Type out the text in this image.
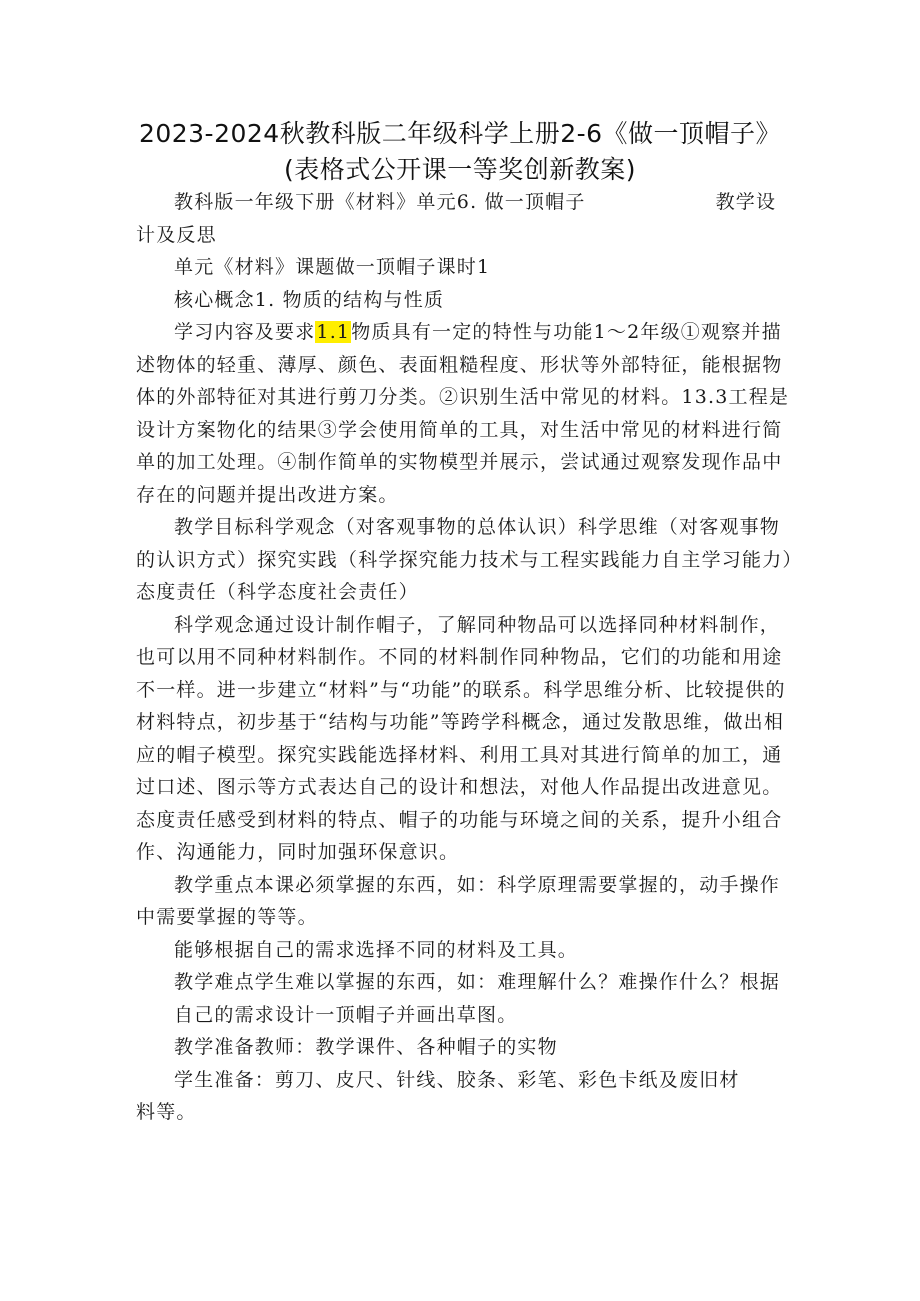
2023-2024秋教科版二年级科学上册2-6《做一顶帽子》
(表格式公开课一等奖创新教案)

教科版一年级下册《材料》单元6. 做一顶帽子	教学设计及反思

单元《材料》课题做一顶帽子课时1

核心概念1. 物质的结构与性质

学习内容及要求1.1物质具有一定的特性与功能1～2年级①观察并描述物体的轻重、薄厚、颜色、表面粗糙程度、形状等外部特征，能根据物体的外部特征对其进行剪刀分类。②识别生活中常见的材料。13.3工程是设计方案物化的结果③学会使用简单的工具，对生活中常见的材料进行简单的加工处理。④制作简单的实物模型并展示，尝试通过观察发现作品中存在的问题并提出改进方案。

教学目标科学观念（对客观事物的总体认识）科学思维（对客观事物的认识方式）探究实践（科学探究能力技术与工程实践能力自主学习能力）态度责任（科学态度社会责任）

科学观念通过设计制作帽子，了解同种物品可以选择同种材料制作，也可以用不同种材料制作。不同的材料制作同种物品，它们的功能和用途不一样。进一步建立“材料”与“功能”的联系。科学思维分析、比较提供的材料特点，初步基于“结构与功能”等跨学科概念，通过发散思维，做出相应的帽子模型。探究实践能选择材料、利用工具对其进行简单的加工，通过口述、图示等方式表达自己的设计和想法，对他人作品提出改进意见。态度责任感受到材料的特点、帽子的功能与环境之间的关系，提升小组合作、沟通能力，同时加强环保意识。

教学重点本课必须掌握的东西，如：科学原理需要掌握的，动手操作中需要掌握的等等。

能够根据自己的需求选择不同的材料及工具。

教学难点学生难以掌握的东西，如：难理解什么？难操作什么？根据

自己的需求设计一顶帽子并画出草图。

教学准备教师：教学课件、各种帽子的实物

学生准备：剪刀、皮尺、针线、胶条、彩笔、彩色卡纸及废旧材

料等。
